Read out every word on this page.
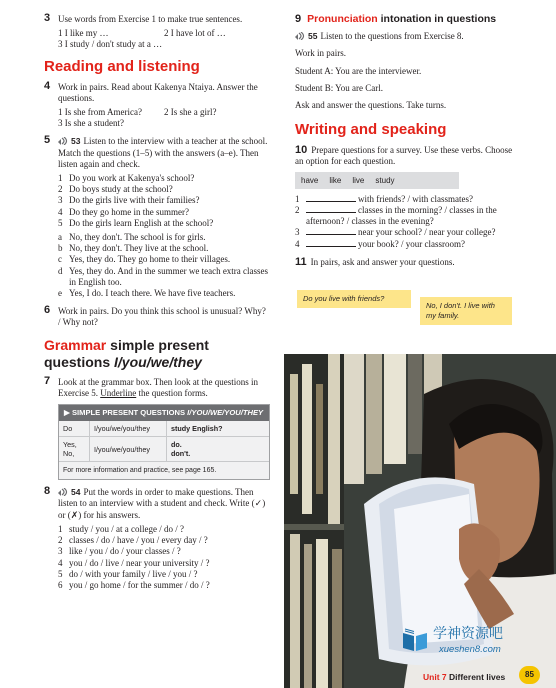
3 Use words from Exercise 1 to make true sentences.

1 I like my …	2 I have lot of …
3 I study / don't study at a …
Reading and listening
4 Work in pairs. Read about Kakenya Ntaiya. Answer the questions.

1 Is she from America?	2 Is she a girl?
3 Is she a student?
5	53 Listen to the interview with a teacher at the school. Match the questions (1–5) with the answers (a–e). Then listen again and check.

1 Do you work at Kakenya's school?
2 Do boys study at the school?
3 Do the girls live with their families?
4 Do they go home in the summer?
5 Do the girls learn English at the school?
a No, they don't. The school is for girls.
b No, they don't. They live at the school.
c Yes, they do. They go home to their villages.
d Yes, they do. And in the summer we teach extra classes in English too.
e Yes, I do. I teach there. We have five teachers.
6 Work in pairs. Do you think this school is unusual? Why? / Why not?

Grammar simple present
questions I/you/we/they
7 Look at the grammar box. Then look at the questions in Exercise 5. Underline the question forms.

▶ SIMPLE PRESENT QUESTIONS I/YOU/WE/YOU/THEY
Do	I/you/we/you/they	study English?
Yes,
No,	I/you/we/you/they	do.
don't.
For more information and practice, see page 165.
8	54 Put the words in order to make questions. Then listen to an interview with a student and check. Write (✓) or (✗) for his answers.

1 study / you / at a college / do / ?
2 classes / do / have / you / every day / ?
3 like / you / do / your classes / ?
4 you / do / live / near your university / ?
5 do / with your family / live / you / ?
6 you / go home / for the summer / do / ?
9 Pronunciation intonation in questions

55 Listen to the questions from Exercise 8.

Work in pairs.

Student A: You are the interviewer.

Student B: You are Carl.

Ask and answer the questions. Take turns.

Writing and speaking
10 Prepare questions for a survey. Use these verbs. Choose an option for each question.
have like live study
1	with friends? / with classmates?
2	classes in the morning? / classes in the afternoon? / classes in the evening?
3	near your school? / near your college?
4	your book? / your classroom?
11 In pairs, ask and answer your questions.
Do you live with friends?
No, I don't. I live with my family.
学神资源吧
xueshen8.com
Unit 7 Different lives	85
